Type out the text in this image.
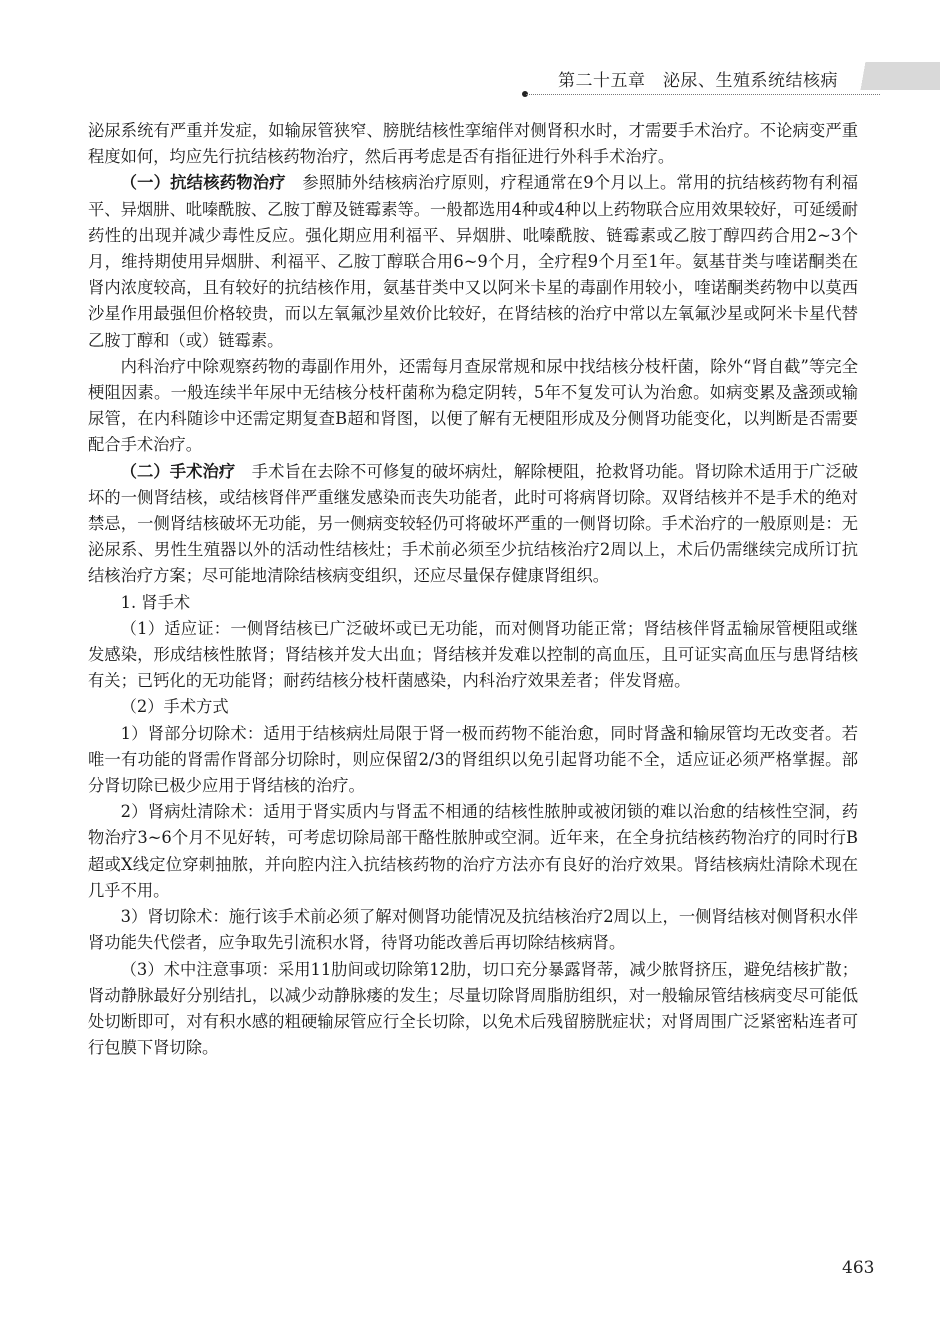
第二十五章　泌尿、生殖系统结核病

泌尿系统有严重并发症，如输尿管狭窄、膀胱结核性挛缩伴对侧肾积水时，才需要手术治疗。不论病变严重程度如何，均应先行抗结核药物治疗，然后再考虑是否有指征进行外科手术治疗。

（一）抗结核药物治疗　参照肺外结核病治疗原则，疗程通常在9个月以上。常用的抗结核药物有利福平、异烟肼、吡嗪酰胺、乙胺丁醇及链霉素等。一般都选用4种或4种以上药物联合应用效果较好，可延缓耐药性的出现并减少毒性反应。强化期应用利福平、异烟肼、吡嗪酰胺、链霉素或乙胺丁醇四药合用2~3个月，维持期使用异烟肼、利福平、乙胺丁醇联合用6~9个月，全疗程9个月至1年。氨基苷类与喹诺酮类在肾内浓度较高，且有较好的抗结核作用，氨基苷类中又以阿米卡星的毒副作用较小，喹诺酮类药物中以莫西沙星作用最强但价格较贵，而以左氧氟沙星效价比较好，在肾结核的治疗中常以左氧氟沙星或阿米卡星代替乙胺丁醇和（或）链霉素。

内科治疗中除观察药物的毒副作用外，还需每月查尿常规和尿中找结核分枝杆菌，除外“肾自截”等完全梗阻因素。一般连续半年尿中无结核分枝杆菌称为稳定阴转，5年不复发可认为治愈。如病变累及盏颈或输尿管，在内科随诊中还需定期复查B超和肾图，以便了解有无梗阻形成及分侧肾功能变化，以判断是否需要配合手术治疗。

（二）手术治疗　手术旨在去除不可修复的破坏病灶，解除梗阻，抢救肾功能。肾切除术适用于广泛破坏的一侧肾结核，或结核肾伴严重继发感染而丧失功能者，此时可将病肾切除。双肾结核并不是手术的绝对禁忌，一侧肾结核破坏无功能，另一侧病变较轻仍可将破坏严重的一侧肾切除。手术治疗的一般原则是：无泌尿系、男性生殖器以外的活动性结核灶；手术前必须至少抗结核治疗2周以上，术后仍需继续完成所订抗结核治疗方案；尽可能地清除结核病变组织，还应尽量保存健康肾组织。

1. 肾手术

（1）适应证：一侧肾结核已广泛破坏或已无功能，而对侧肾功能正常；肾结核伴肾盂输尿管梗阻或继发感染，形成结核性脓肾；肾结核并发大出血；肾结核并发难以控制的高血压，且可证实高血压与患肾结核有关；已钙化的无功能肾；耐药结核分枝杆菌感染，内科治疗效果差者；伴发肾癌。

（2）手术方式

1）肾部分切除术：适用于结核病灶局限于肾一极而药物不能治愈，同时肾盏和输尿管均无改变者。若唯一有功能的肾需作肾部分切除时，则应保留2/3的肾组织以免引起肾功能不全，适应证必须严格掌握。部分肾切除已极少应用于肾结核的治疗。

2）肾病灶清除术：适用于肾实质内与肾盂不相通的结核性脓肿或被闭锁的难以治愈的结核性空洞，药物治疗3~6个月不见好转，可考虑切除局部干酪性脓肿或空洞。近年来，在全身抗结核药物治疗的同时行B超或X线定位穿刺抽脓，并向腔内注入抗结核药物的治疗方法亦有良好的治疗效果。肾结核病灶清除术现在几乎不用。

3）肾切除术：施行该手术前必须了解对侧肾功能情况及抗结核治疗2周以上，一侧肾结核对侧肾积水伴肾功能失代偿者，应争取先引流积水肾，待肾功能改善后再切除结核病肾。

（3）术中注意事项：采用11肋间或切除第12肋，切口充分暴露肾蒂，减少脓肾挤压，避免结核扩散；肾动静脉最好分别结扎，以减少动静脉瘘的发生；尽量切除肾周脂肪组织，对一般输尿管结核病变尽可能低处切断即可，对有积水感的粗硬输尿管应行全长切除，以免术后残留膀胱症状；对肾周围广泛紧密粘连者可行包膜下肾切除。

463
